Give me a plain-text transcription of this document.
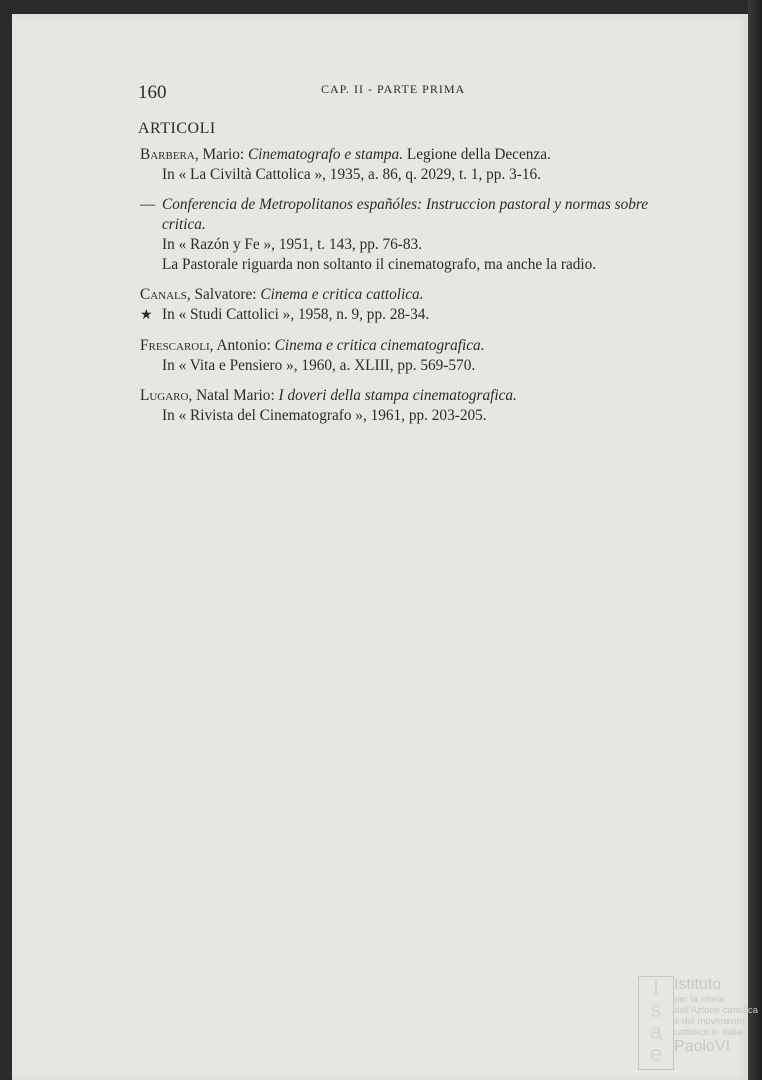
160	CAP. II - PARTE PRIMA
ARTICOLI
Barbera, Mario: Cinematografo e stampa. Legione della Decenza.
In « La Civiltà Cattolica », 1935, a. 86, q. 2029, t. 1, pp. 3-16.
— Conferencia de Metropolitanos españóles: Instruccion pastoral y normas sobre
critica.
In « Razón y Fe », 1951, t. 143, pp. 76-83.
La Pastorale riguarda non soltanto il cinematografo, ma anche la radio.
Canals, Salvatore: Cinema e critica cattolica.
★ In « Studi Cattolici », 1958, n. 9, pp. 28-34.
Frescaroli, Antonio: Cinema e critica cinematografica.
In « Vita e Pensiero », 1960, a. XLIII, pp. 569-570.
Lugaro, Natal Mario: I doveri della stampa cinematografica.
In « Rivista del Cinematografo », 1961, pp. 203-205.
I
s
a
e
Istituto
per la storia
dell'Azione cattolica
e del movimento
cattolico in Italia
PaoloVI
